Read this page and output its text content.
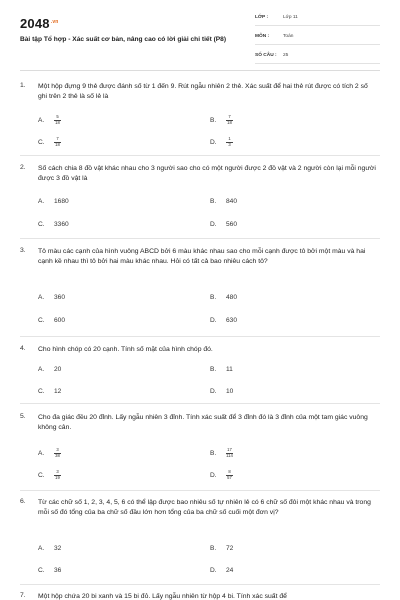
$2048^{.vn}$
Bài tập Tổ hợp - Xác suất cơ bản, nâng cao có lời giải chi tiết (P8)
LỚP :	Lớp 11
MÔN :	Toán
SỐ CÂU : 25
1. Một hộp đựng 9 thẻ được đánh số từ 1 đến 9. Rút ngẫu nhiên 2 thẻ. Xác suất để hai thẻ rút được có tích 2 số ghi trên 2 thẻ là số lẻ là
A. $\frac{5}{18}$	B. $\frac{7}{18}$
C. $\frac{7}{18}$	D. $\frac{1}{3}$
2. Số cách chia 8 đồ vật khác nhau cho 3 người sao cho có một người được 2 đồ vật và 2 người còn lại mỗi người được 3 đồ vật là
A. 1680	B. 840
C. 3360	D. 560
3. Tô màu các cạnh của hình vuông ABCD bởi 6 màu khác nhau sao cho mỗi cạnh được tô bởi một màu và hai cạnh kề nhau thì tô bởi hai màu khác nhau. Hỏi có tất cả bao nhiêu cách tô?
A. 360	B. 480
C. 600	D. 630
4. Cho hình chóp có 20 cạnh. Tính số mặt của hình chóp đó.
A. 20	B. 11
C. 12	D. 10
5. Cho đa giác đều 20 đỉnh. Lấy ngẫu nhiên 3 đỉnh. Tính xác suất để 3 đỉnh đó là 3 đỉnh của một tam giác vuông không cân.
A. $\frac{3}{38}$	B. $\frac{17}{114}$
C. $\frac{3}{19}$	D. $\frac{8}{57}$
6. Từ các chữ số 1, 2, 3, 4, 5, 6 có thể lập được bao nhiêu số tự nhiên lẻ có 6 chữ số đôi một khác nhau và trong mỗi số đó tổng của ba chữ số đầu lớn hơn tổng của ba chữ số cuối một đơn vị?
A. 32	B. 72
C. 36	D. 24
7. Một hộp chứa 20 bi xanh và 15 bi đỏ. Lấy ngẫu nhiên từ hộp 4 bi. Tính xác suất để
